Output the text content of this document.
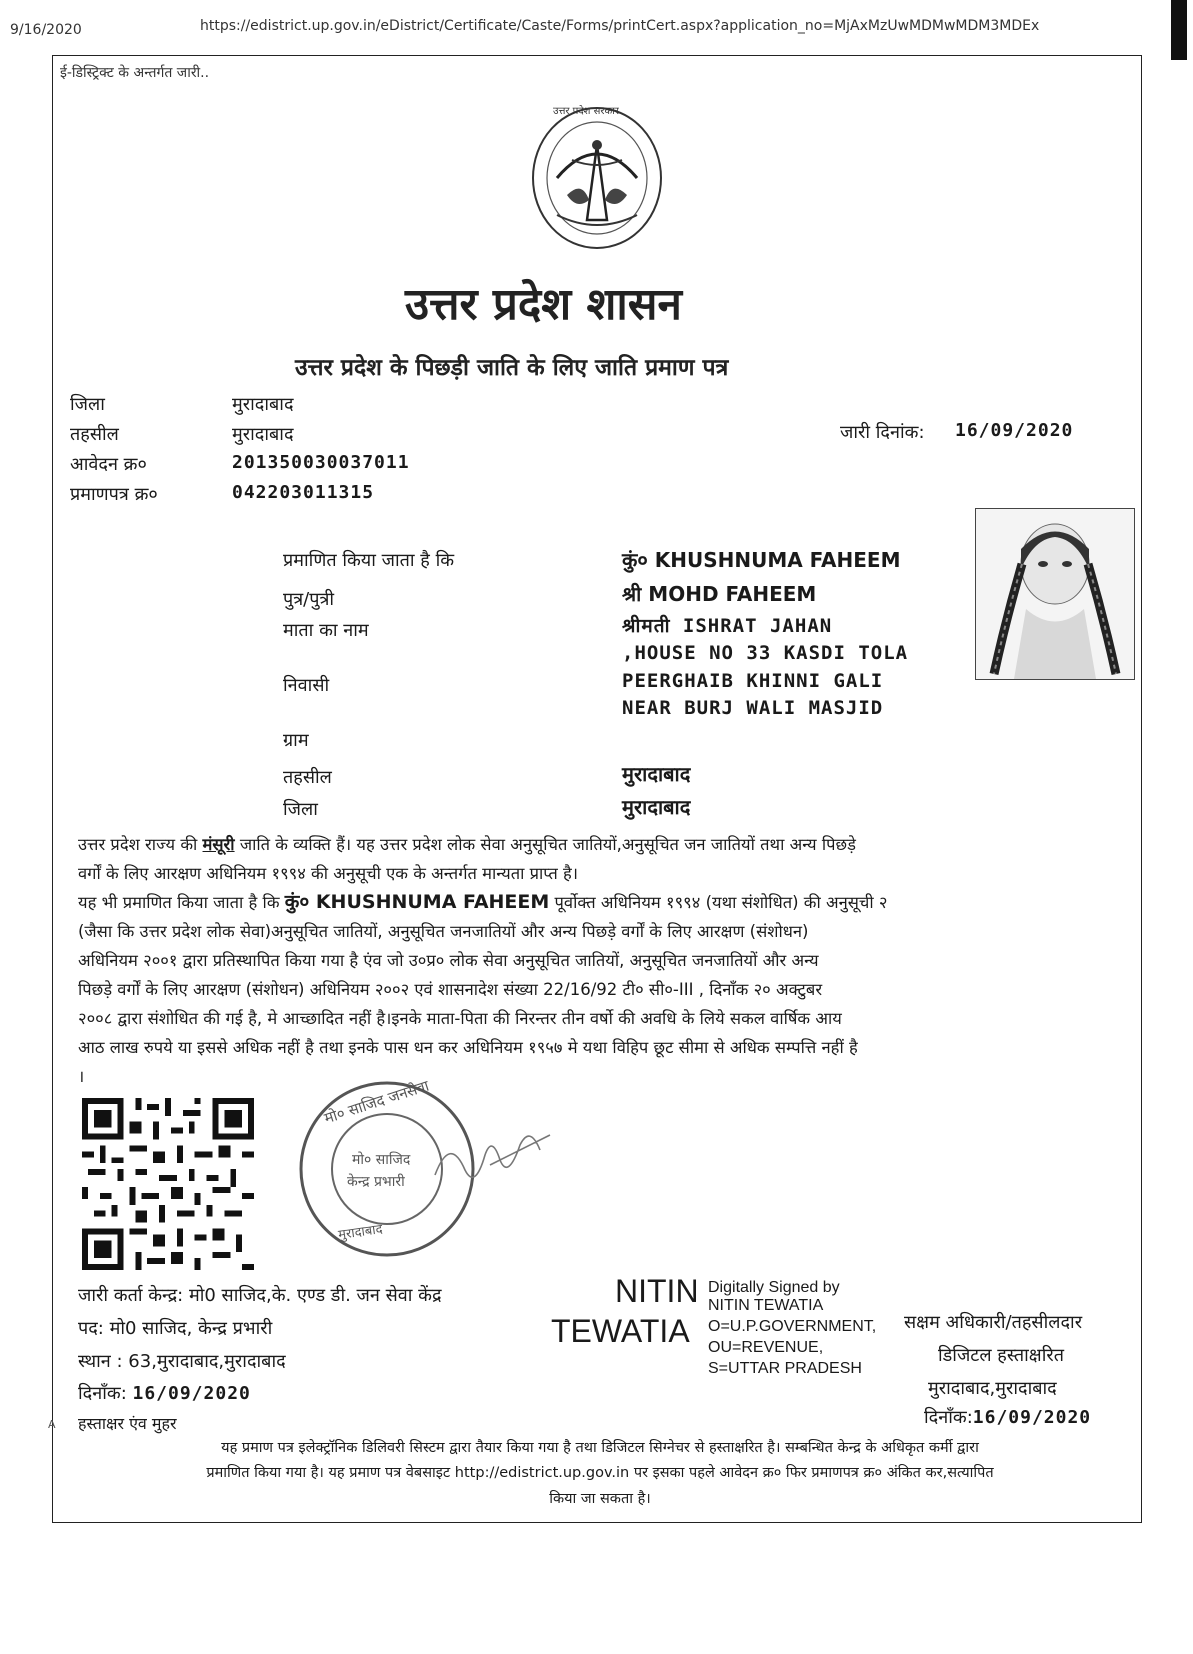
9/16/2020	https://edistrict.up.gov.in/eDistrict/Certificate/Caste/Forms/printCert.aspx?application_no=MjAxMzUwMDMwMDM3MDEx
ई-डिस्ट्रिक्ट के अन्तर्गत जारी..
उत्तर प्रदेश सरकार
उत्तर प्रदेश शासन
उत्तर प्रदेश के पिछड़ी जाति के लिए जाति प्रमाण पत्र
जिला	मुरादाबाद
तहसील	मुरादाबाद
आवेदन क्र०	201350030037011
प्रमाणपत्र क्र०	042203011315
जारी दिनांक: 16/09/2020
प्रमाणित किया जाता है कि	कुं० KHUSHNUMA FAHEEM
पुत्र/पुत्री	श्री MOHD FAHEEM
माता का नाम	श्रीमती ISHRAT JAHAN
,HOUSE NO 33 KASDI TOLA
निवासी	PEERGHAIB KHINNI GALI
NEAR BURJ WALI MASJID
ग्राम
तहसील	मुरादाबाद
जिला	मुरादाबाद
उत्तर प्रदेश राज्य की मंसूरी जाति के व्यक्ति हैं। यह उत्तर प्रदेश लोक सेवा अनुसूचित जातियों,अनुसूचित जन जातियों तथा अन्य पिछड़े
वर्गों के लिए आरक्षण अधिनियम १९९४ की अनुसूची एक के अन्तर्गत मान्यता प्राप्त है।
यह भी प्रमाणित किया जाता है कि कुं० KHUSHNUMA FAHEEM पूर्वोक्त अधिनियम १९९४ (यथा संशोधित) की अनुसूची २
(जैसा कि उत्तर प्रदेश लोक सेवा)अनुसूचित जातियों, अनुसूचित जनजातियों और अन्य पिछड़े वर्गों के लिए आरक्षण (संशोधन)
अधिनियम २००१ द्वारा प्रतिस्थापित किया गया है एंव जो उ०प्र० लोक सेवा अनुसूचित जातियों, अनुसूचित जनजातियों और अन्य
पिछड़े वर्गों के लिए आरक्षण (संशोधन) अधिनियम २००२ एवं शासनादेश संख्या 22/16/92 टी० सी०-III , दिनॉंक २० अक्टुबर
२००८ द्वारा संशोधित की गई है, मे आच्छादित नहीं है।इनके माता-पिता की निरन्तर तीन वर्षो की अवधि के लिये सकल वार्षिक आय
आठ लाख रुपये या इससे अधिक नहीं है तथा इनके पास धन कर अधिनियम १९५७ मे यथा विहिप छूट सीमा से अधिक सम्पत्ति नहीं है
।
मो० साजिद जनसेवा
मो० साजिद
केन्द्र प्रभारी
मुरादाबाद
जारी कर्ता केन्द्र: मो0 साजिद,के. एण्ड डी. जन सेवा केंद्र
पद: मो0 साजिद, केन्द्र प्रभारी
स्थान : 63,मुरादाबाद,मुरादाबाद
दिनॉंक: 16/09/2020
हस्ताक्षर एंव मुहर
NITIN
TEWATIA
Digitally Signed by
NITIN TEWATIA
O=U.P.GOVERNMENT,
OU=REVENUE,
S=UTTAR PRADESH
सक्षम अधिकारी/तहसीलदार
डिजिटल हस्ताक्षरित
मुरादाबाद,मुरादाबाद
दिनॉंक:16/09/2020
A
यह प्रमाण पत्र इलेक्ट्रॉनिक डिलिवरी सिस्टम द्वारा तैयार किया गया है तथा डिजिटल सिग्नेचर से हस्ताक्षरित है। सम्बन्धित केन्द्र के अधिकृत कर्मी द्वारा
प्रमाणित किया गया है। यह प्रमाण पत्र वेबसाइट http://edistrict.up.gov.in पर इसका पहले आवेदन क्र० फिर प्रमाणपत्र क्र० अंकित कर,सत्यापित
किया जा सकता है।
